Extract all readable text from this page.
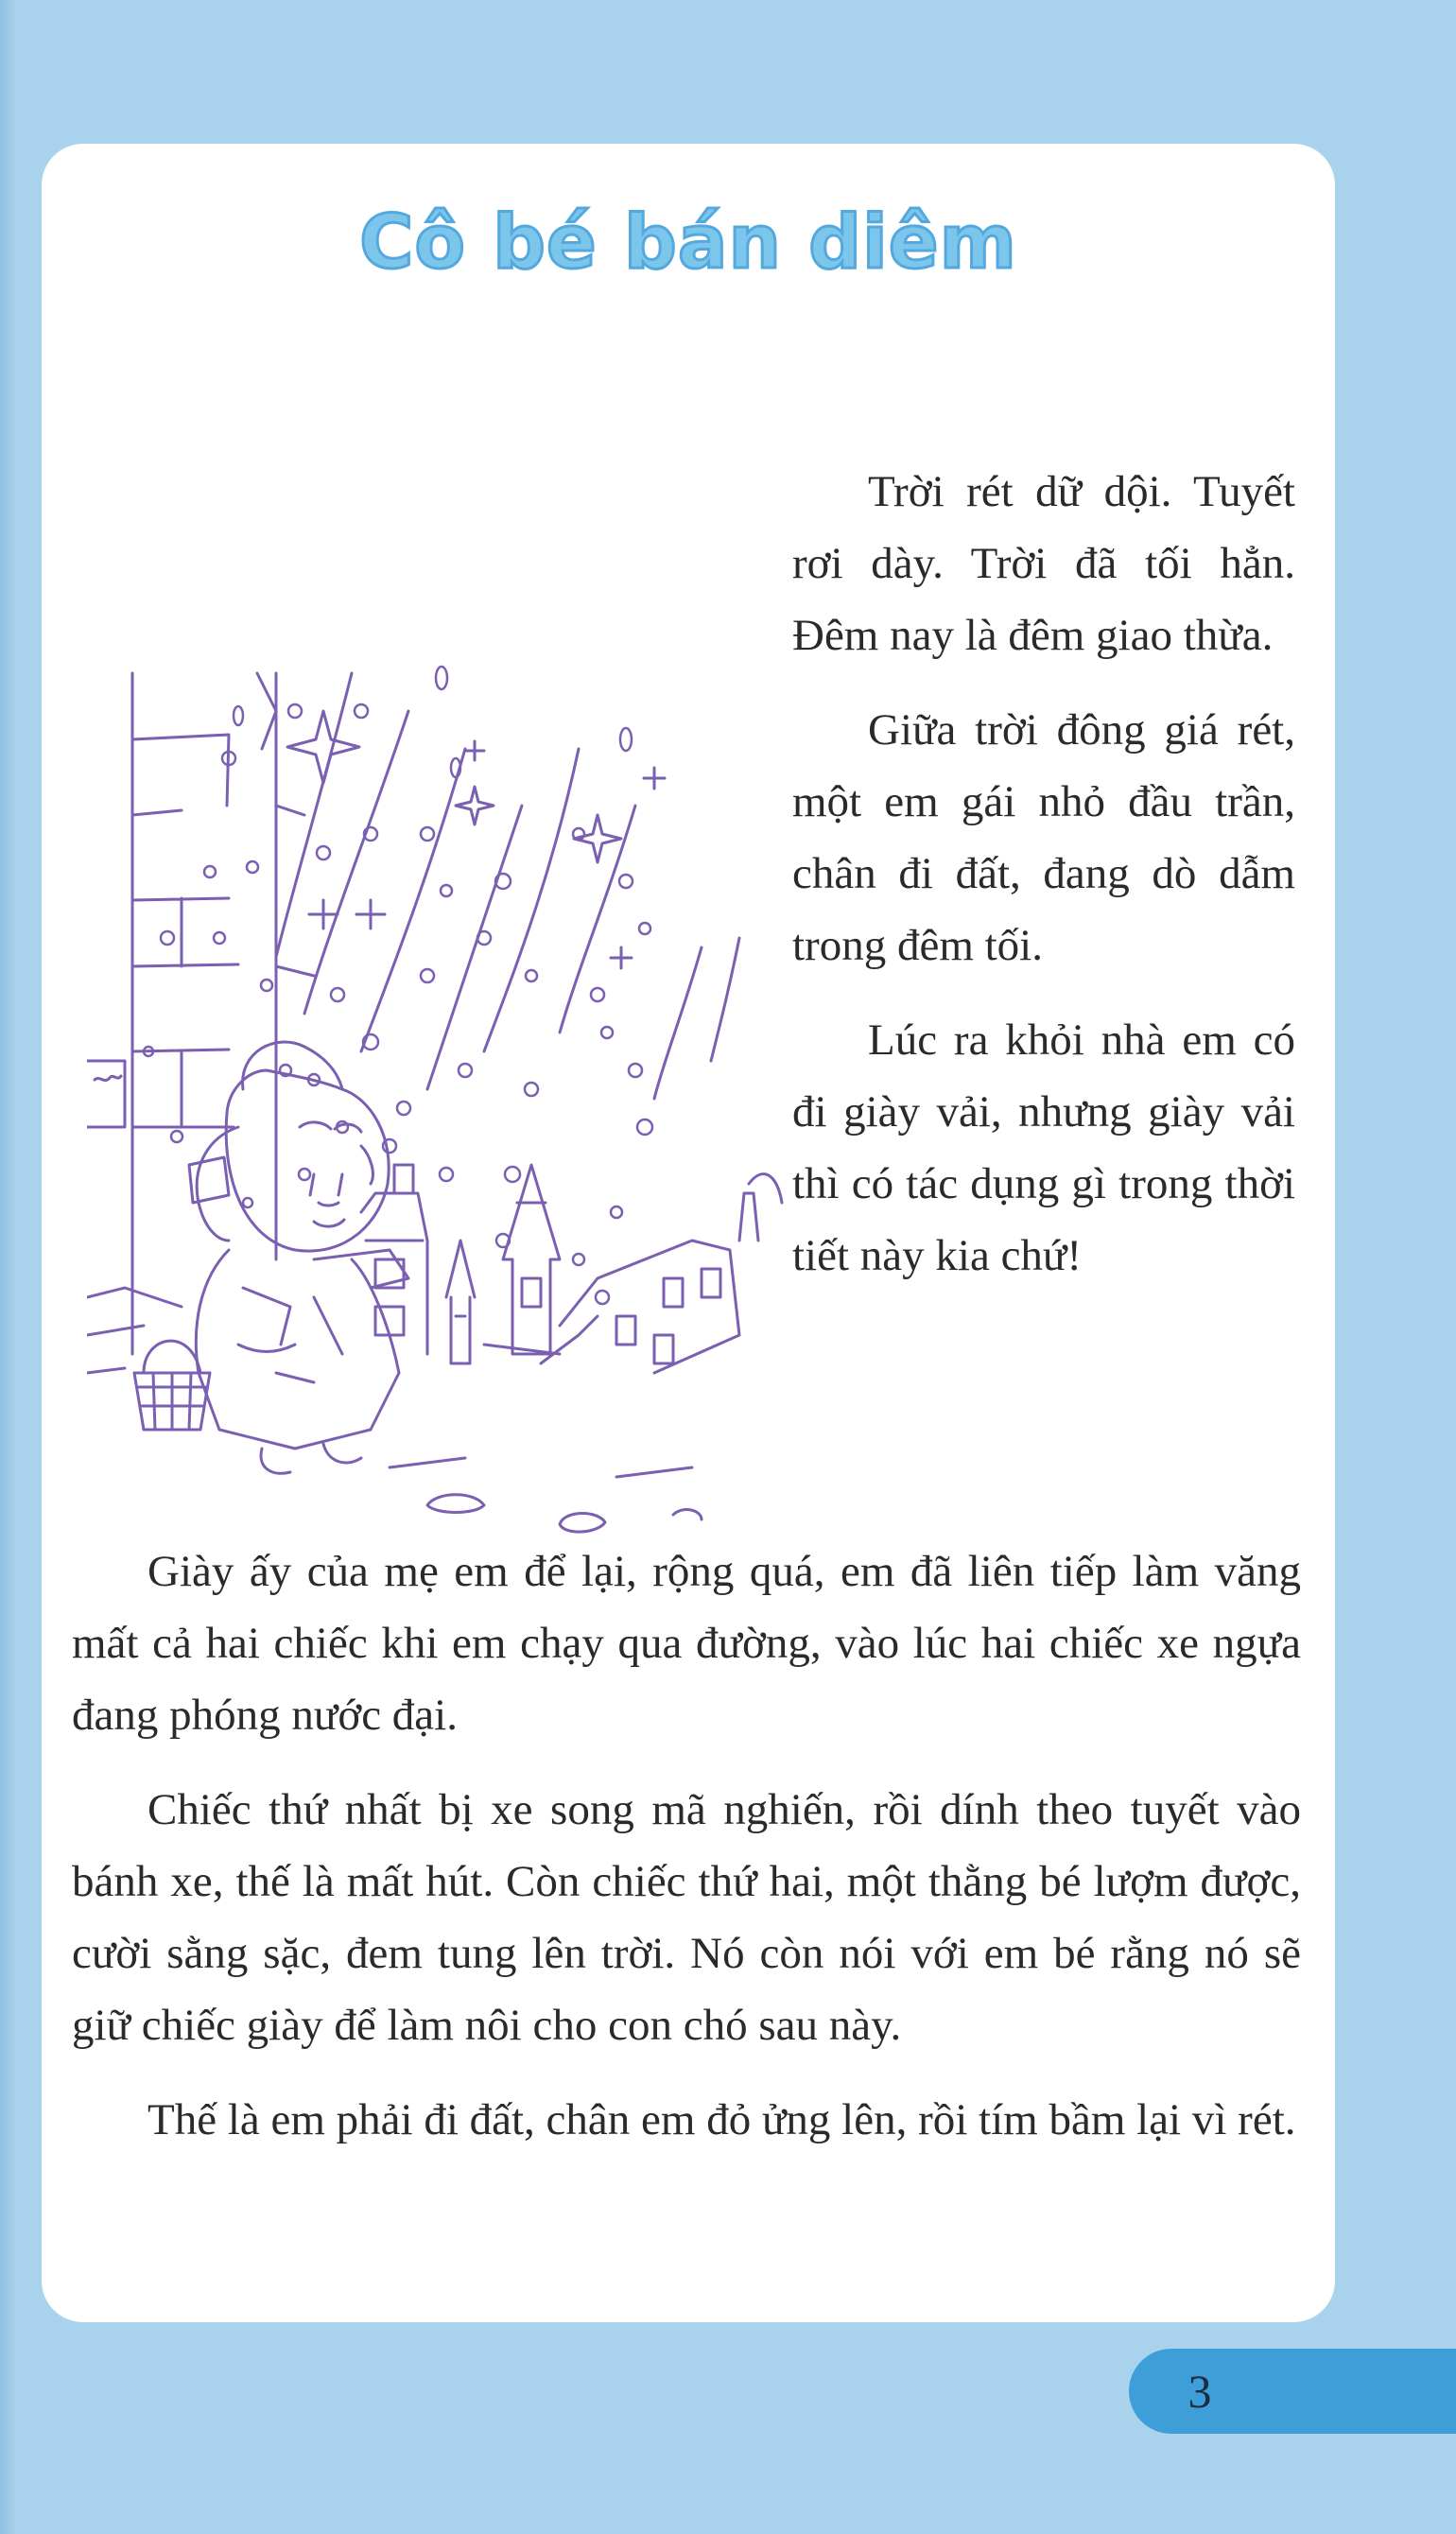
Cô bé bán diêm

Trời rét dữ dội. Tuyết rơi dày. Trời đã tối hẳn. Đêm nay là đêm giao thừa.

Giữa trời đông giá rét, một em gái nhỏ đầu trần, chân đi đất, đang dò dẫm trong đêm tối.

Lúc ra khỏi nhà em có đi giày vải, nhưng giày vải thì có tác dụng gì trong thời tiết này kia chứ!

Giày ấy của mẹ em để lại, rộng quá, em đã liên tiếp làm văng mất cả hai chiếc khi em chạy qua đường, vào lúc hai chiếc xe ngựa đang phóng nước đại.

Chiếc thứ nhất bị xe song mã nghiến, rồi dính theo tuyết vào bánh xe, thế là mất hút. Còn chiếc thứ hai, một thằng bé lượm được, cười sằng sặc, đem tung lên trời. Nó còn nói với em bé rằng nó sẽ giữ chiếc giày để làm nôi cho con chó sau này.

Thế là em phải đi đất, chân em đỏ ửng lên, rồi tím bầm lại vì rét.

3
